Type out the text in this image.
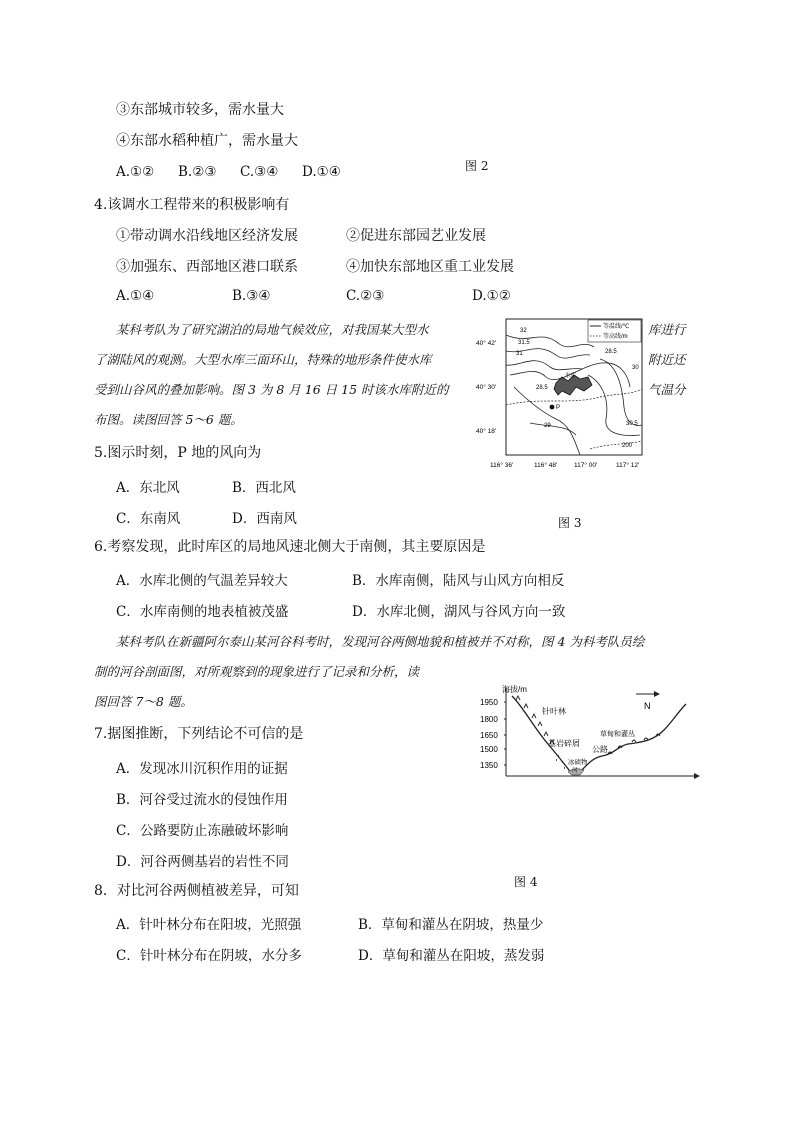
③东部城市较多，需水量大
④东部水稻种植广，需水量大
A.①② B.②③ C.③④ D.①④	图 2
4.该调水工程带来的积极影响有
①带动调水沿线地区经济发展	②促进东部园艺业发展
③加强东、西部地区港口联系	④加快东部地区重工业发展
A.①④	B.③④	C.②③	D.①②
某科考队为了研究湖泊的局地气候效应，对我国某大型水	库进行
了湖陆风的观测。大型水库三面环山，特殊的地形条件使水库	附近还
受到山谷风的叠加影响。图 3 为 8 月 16 日 15 时该水库附近的	气温分
布图。读图回答 5～6 题。
等温线/℃
等高线/m
水库
P
32
31.5
31	28.5
30
28.5
29	30.5
200
40° 42′
40° 30′
40° 18′
116° 36′	116° 48′	117° 00′	117° 12′
图 3
5.图示时刻，P 地的风向为
A．东北风	B．西北风
C．东南风	D．西南风
6.考察发现，此时库区的局地风速北侧大于南侧，其主要原因是
A．水库北侧的气温差异较大	B．水库南侧，陆风与山风方向相反
C．水库南侧的地表植被茂盛	D．水库北侧，湖风与谷风方向一致
某科考队在新疆阿尔泰山某河谷科考时，发现河谷两侧地貌和植被并不对称，图 4 为科考队员绘
制的河谷剖面图，对所观察到的现象进行了记录和分析，读
图回答 7～8 题。
海拔/m
1950
1800
1650
1500
1350
N
针叶林
基岩碎屑
冰碛物
河
公路
草甸和灌丛
7.据图推断，下列结论不可信的是
A．发现冰川沉积作用的证据
B．河谷受过流水的侵蚀作用
C．公路要防止冻融破坏影响
D．河谷两侧基岩的岩性不同
图 4
8．对比河谷两侧植被差异，可知
A．针叶林分布在阳坡，光照强	B．草甸和灌丛在阴坡，热量少
C．针叶林分布在阴坡，水分多	D．草甸和灌丛在阳坡，蒸发弱
